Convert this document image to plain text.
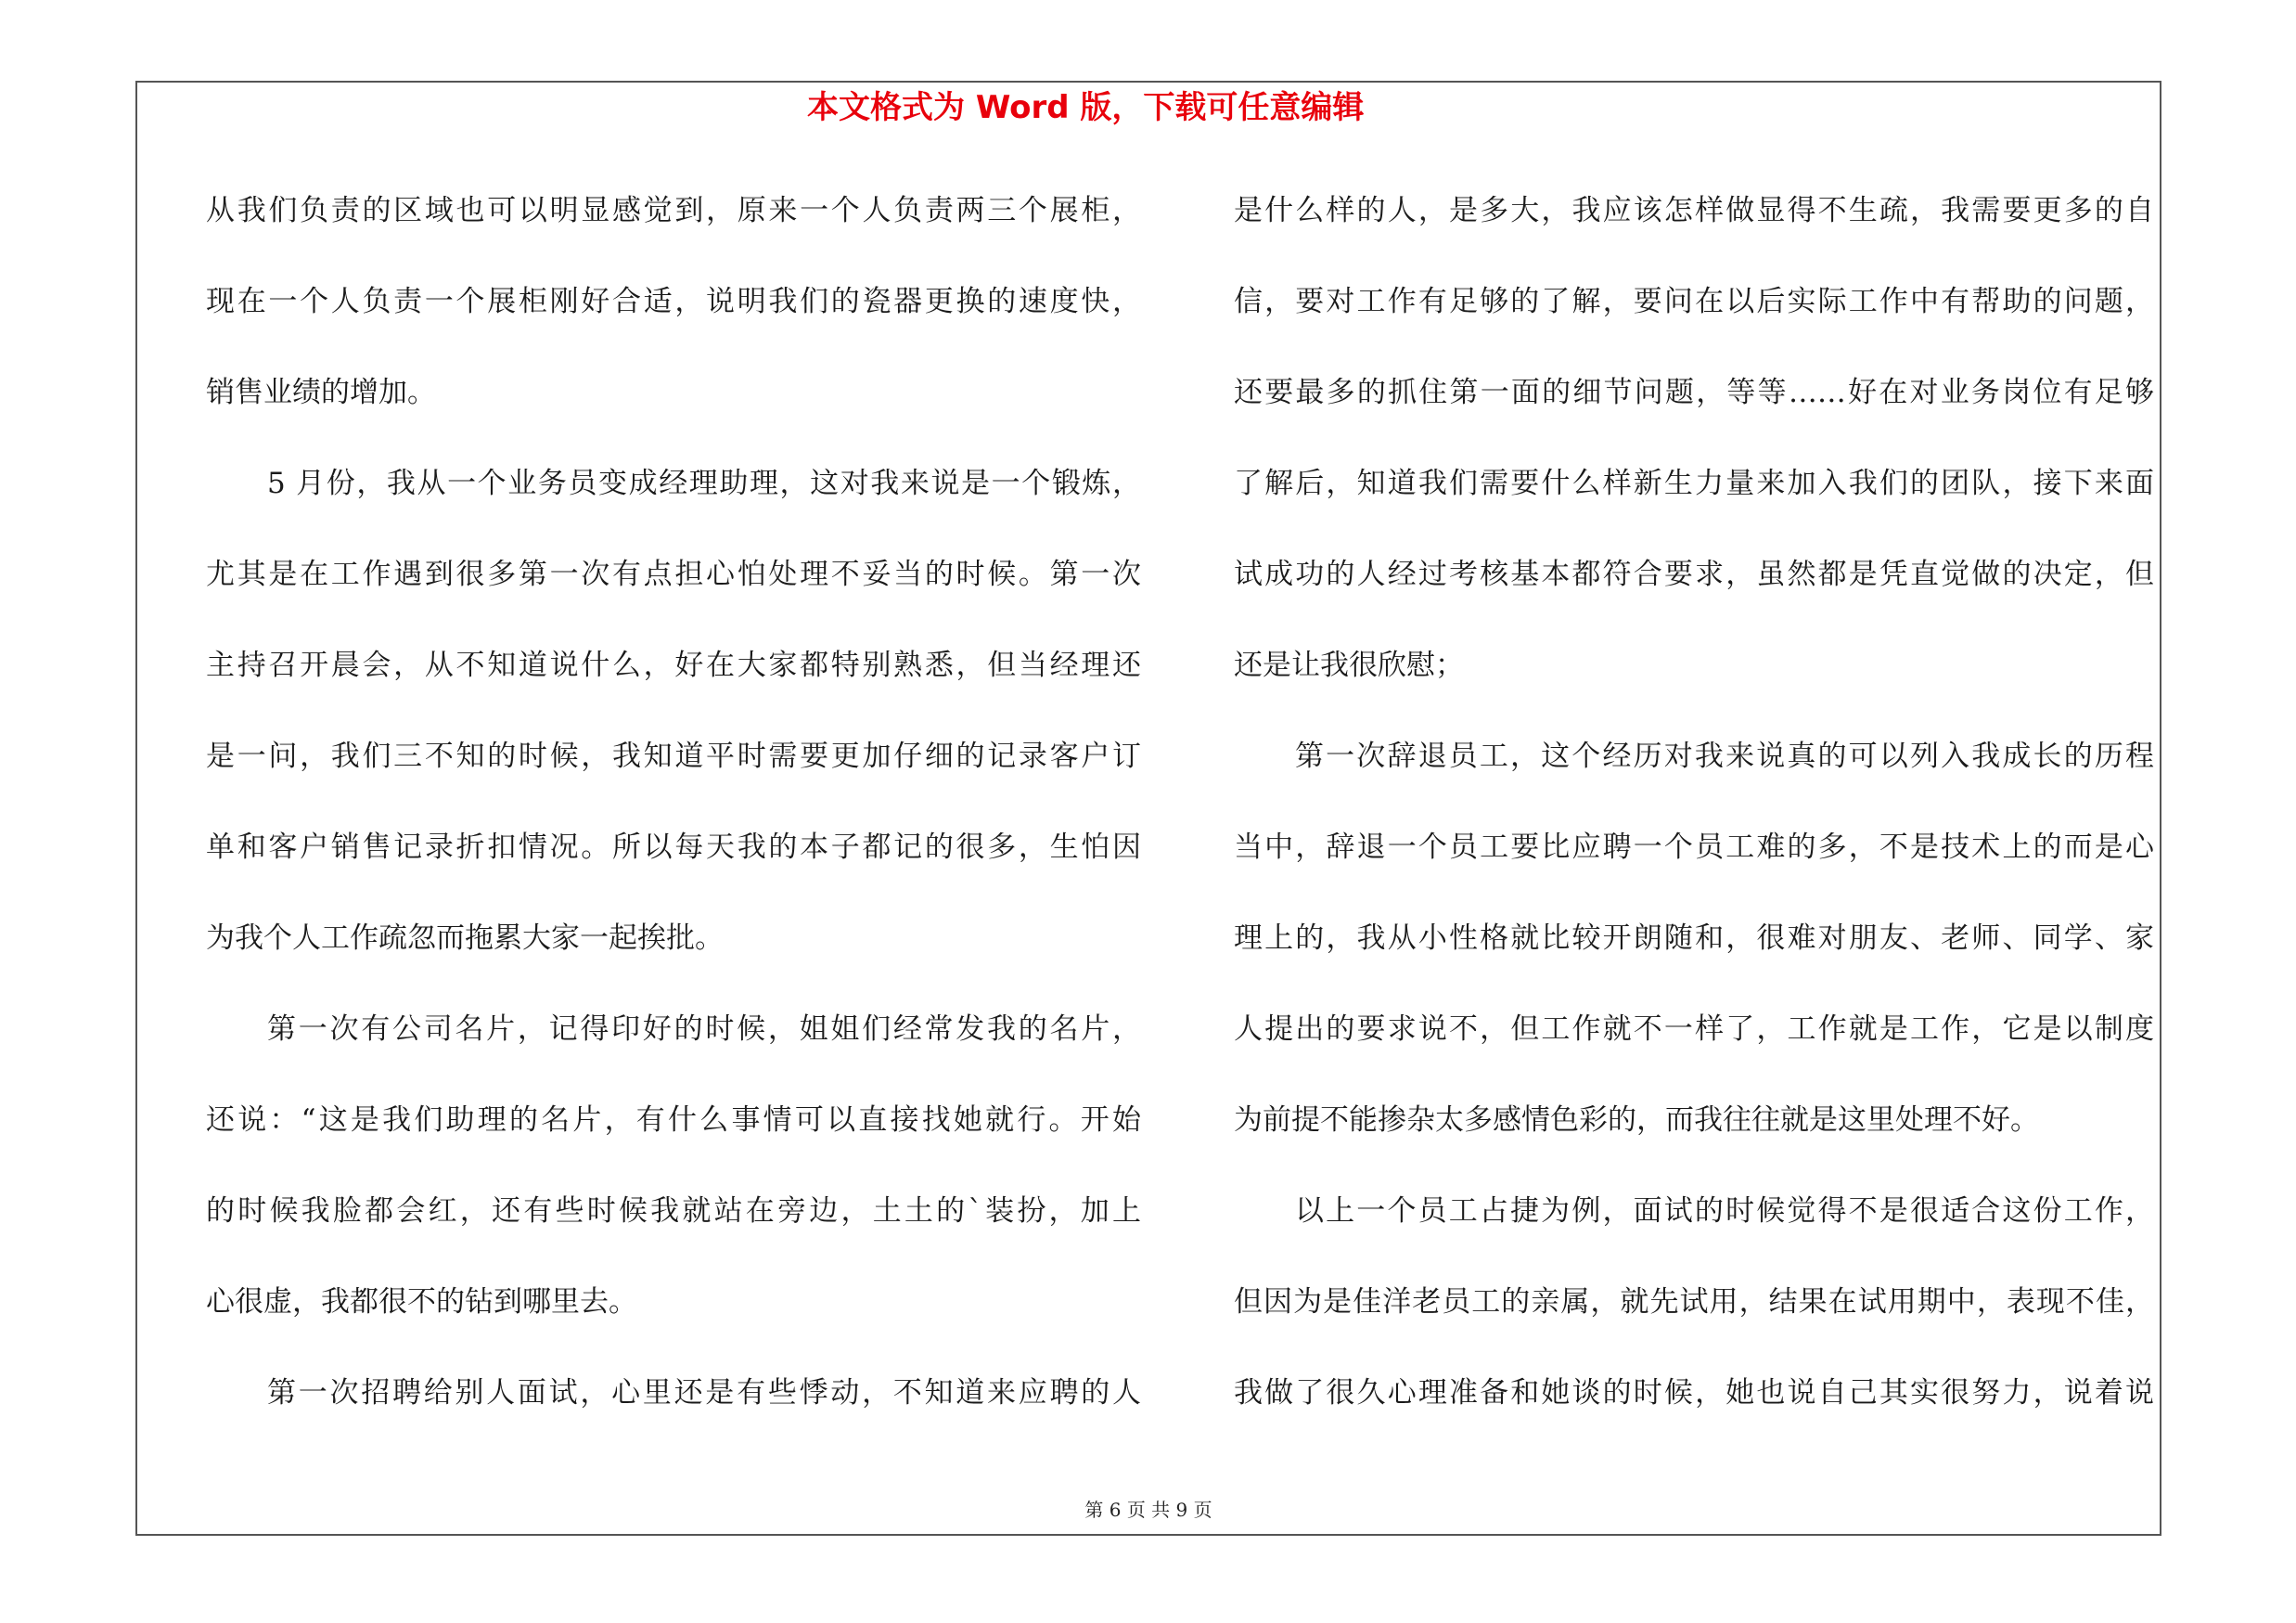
本文格式为 Word 版，下载可任意编辑
从我们负责的区域也可以明显感觉到，原来一个人负责两三个展柜，
现在一个人负责一个展柜刚好合适，说明我们的瓷器更换的速度快，
销售业绩的增加。
5 月份，我从一个业务员变成经理助理，这对我来说是一个锻炼，
尤其是在工作遇到很多第一次有点担心怕处理不妥当的时候。第一次
主持召开晨会，从不知道说什么，好在大家都特别熟悉，但当经理还
是一问，我们三不知的时候，我知道平时需要更加仔细的记录客户订
单和客户销售记录折扣情况。所以每天我的本子都记的很多，生怕因
为我个人工作疏忽而拖累大家一起挨批。
第一次有公司名片，记得印好的时候，姐姐们经常发我的名片，
还说：“这是我们助理的名片，有什么事情可以直接找她就行。开始
的时候我脸都会红，还有些时候我就站在旁边，土土的`装扮，加上
心很虚，我都很不的钻到哪里去。
第一次招聘给别人面试，心里还是有些悸动，不知道来应聘的人
是什么样的人，是多大，我应该怎样做显得不生疏，我需要更多的自
信，要对工作有足够的了解，要问在以后实际工作中有帮助的问题，
还要最多的抓住第一面的细节问题，等等……好在对业务岗位有足够
了解后，知道我们需要什么样新生力量来加入我们的团队，接下来面
试成功的人经过考核基本都符合要求，虽然都是凭直觉做的决定，但
还是让我很欣慰；
第一次辞退员工，这个经历对我来说真的可以列入我成长的历程
当中，辞退一个员工要比应聘一个员工难的多，不是技术上的而是心
理上的，我从小性格就比较开朗随和，很难对朋友、老师、同学、家
人提出的要求说不，但工作就不一样了，工作就是工作，它是以制度
为前提不能掺杂太多感情色彩的，而我往往就是这里处理不好。
以上一个员工占捷为例，面试的时候觉得不是很适合这份工作，
但因为是佳洋老员工的亲属，就先试用，结果在试用期中，表现不佳，
我做了很久心理准备和她谈的时候，她也说自己其实很努力，说着说
第 6 页 共 9 页
